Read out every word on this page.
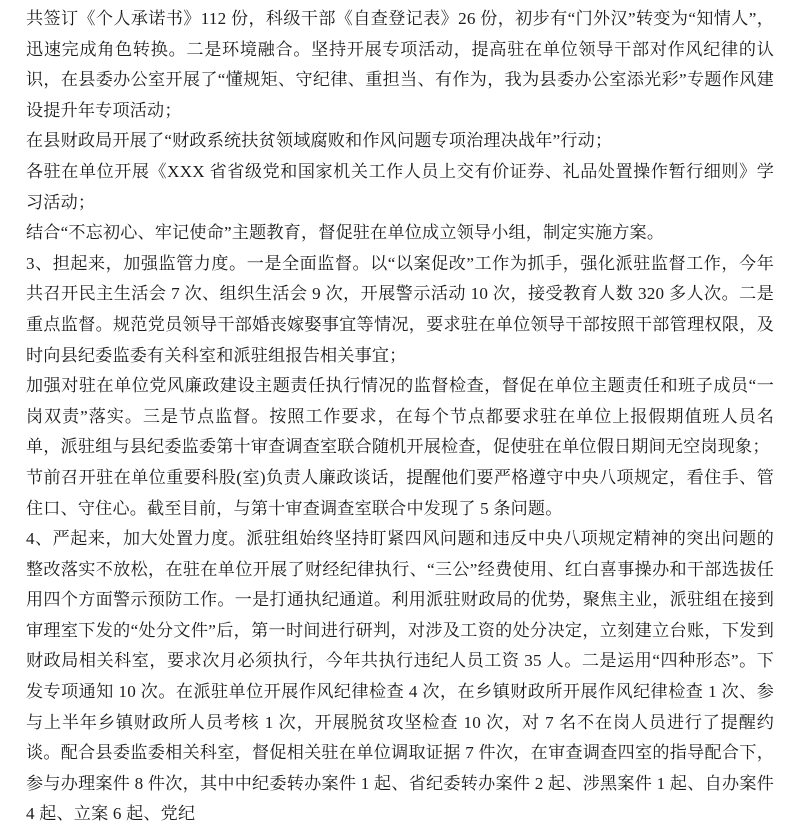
共签订《个人承诺书》112 份，科级干部《自查登记表》26 份，初步有“门外汉”转变为“知情人”，迅速完成角色转换。二是环境融合。坚持开展专项活动，提高驻在单位领导干部对作风纪律的认识，在县委办公室开展了“懂规矩、守纪律、重担当、有作为，我为县委办公室添光彩”专题作风建设提升年专项活动；

在县财政局开展了“财政系统扶贫领域腐败和作风问题专项治理决战年”行动；

各驻在单位开展《XXX 省省级党和国家机关工作人员上交有价证券、礼品处置操作暂行细则》学习活动；

结合“不忘初心、牢记使命”主题教育，督促驻在单位成立领导小组，制定实施方案。

3、担起来，加强监管力度。一是全面监督。以“以案促改”工作为抓手，强化派驻监督工作，今年共召开民主生活会 7 次、组织生活会 9 次，开展警示活动 10 次，接受教育人数 320 多人次。二是重点监督。规范党员领导干部婚丧嫁娶事宜等情况，要求驻在单位领导干部按照干部管理权限，及时向县纪委监委有关科室和派驻组报告相关事宜；

加强对驻在单位党风廉政建设主题责任执行情况的监督检查，督促在单位主题责任和班子成员“一岗双责”落实。三是节点监督。按照工作要求，在每个节点都要求驻在单位上报假期值班人员名单，派驻组与县纪委监委第十审查调查室联合随机开展检查，促使驻在单位假日期间无空岗现象；

节前召开驻在单位重要科股(室)负责人廉政谈话，提醒他们要严格遵守中央八项规定，看住手、管住口、守住心。截至目前，与第十审查调查室联合中发现了 5 条问题。

4、严起来，加大处置力度。派驻组始终坚持盯紧四风问题和违反中央八项规定精神的突出问题的整改落实不放松，在驻在单位开展了财经纪律执行、“三公”经费使用、红白喜事操办和干部选拔任用四个方面警示预防工作。一是打通执纪通道。利用派驻财政局的优势，聚焦主业，派驻组在接到审理室下发的“处分文件”后，第一时间进行研判，对涉及工资的处分决定，立刻建立台账，下发到财政局相关科室，要求次月必须执行，今年共执行违纪人员工资 35 人。二是运用“四种形态”。下发专项通知 10 次。在派驻单位开展作风纪律检查 4 次，在乡镇财政所开展作风纪律检查 1 次、参与上半年乡镇财政所人员考核 1 次，开展脱贫攻坚检查 10 次，对 7 名不在岗人员进行了提醒约谈。配合县委监委相关科室，督促相关驻在单位调取证据 7 件次，在审查调查四室的指导配合下，参与办理案件 8 件次，其中中纪委转办案件 1 起、省纪委转办案件 2 起、涉黑案件 1 起、自办案件 4 起、立案 6 起、党纪
